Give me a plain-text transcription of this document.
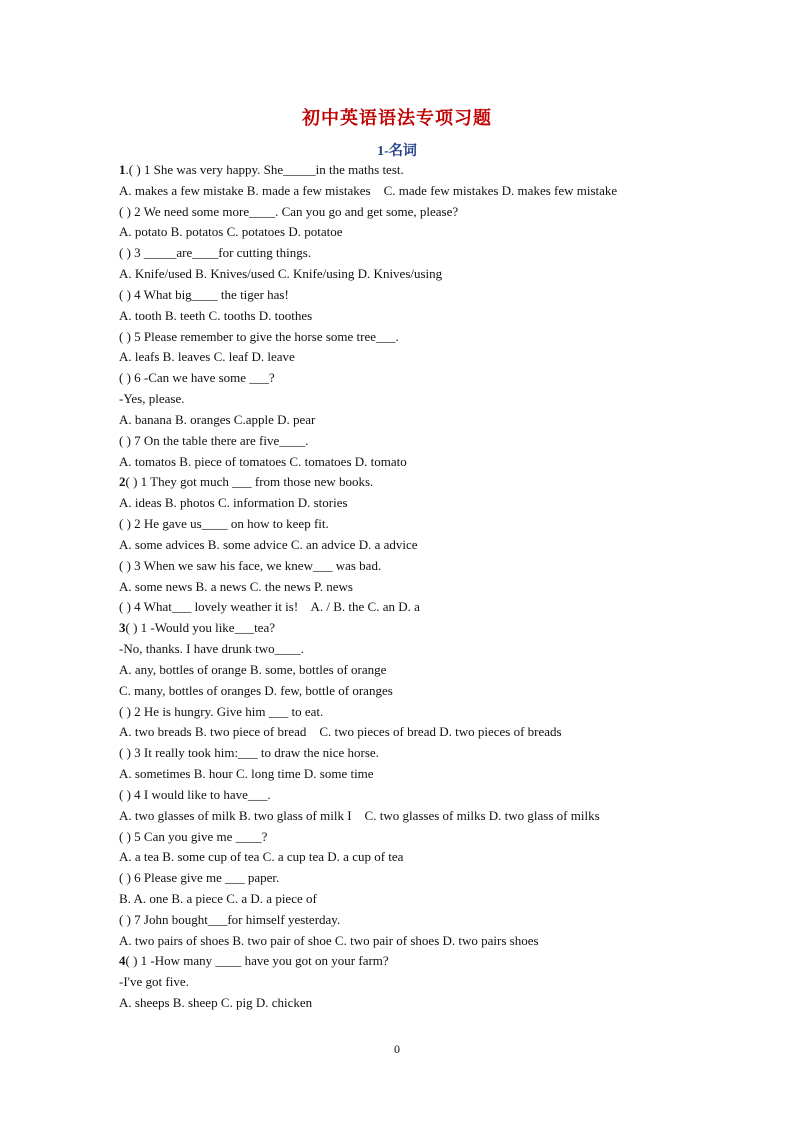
初中英语语法专项习题
1-名词
1.( ) 1 She was very happy. She_____in the maths test.
A. makes a few mistake B. made a few mistakes    C. made few mistakes D. makes few mistake
( ) 2 We need some more____. Can you go and get some, please?
A. potato B. potatos C. potatoes D. potatoe
( ) 3 _____are____for cutting things.
A. Knife/used B. Knives/used C. Knife/using D. Knives/using
( ) 4 What big____ the tiger has!
A. tooth B. teeth C. tooths D. toothes
( ) 5 Please remember to give the horse some tree___.
A. leafs B. leaves C. leaf D. leave
( ) 6 -Can we have some ___?
-Yes, please.
A. banana B. oranges C.apple D. pear
( ) 7 On the table there are five____.
A. tomatos B. piece of tomatoes C. tomatoes D. tomato
2( ) 1 They got much ___ from those new books.
A. ideas B. photos C. information D. stories
( ) 2 He gave us____ on how to keep fit.
A. some advices B. some advice C. an advice D. a advice
( ) 3 When we saw his face, we knew___ was bad.
A. some news B. a news C. the news P. news
( ) 4 What___ lovely weather it is!    A. / B. the C. an D. a
3( ) 1 -Would you like___tea?
-No, thanks. I have drunk two____.
A. any, bottles of orange B. some, bottles of orange
C. many, bottles of oranges D. few, bottle of oranges
( ) 2 He is hungry. Give him ___ to eat.
A. two breads B. two piece of bread    C. two pieces of bread D. two pieces of breads
( ) 3 It really took him:___ to draw the nice horse.
A. sometimes B. hour C. long time D. some time
( ) 4 I would like to have___.
A. two glasses of milk B. two glass of milk I    C. two glasses of milks D. two glass of milks
( ) 5 Can you give me ____?
A. a tea B. some cup of tea C. a cup tea D. a cup of tea
( ) 6 Please give me ___ paper.
B. A. one B. a piece C. a D. a piece of
( ) 7 John bought___for himself yesterday.
A. two pairs of shoes B. two pair of shoe C. two pair of shoes D. two pairs shoes
4( ) 1 -How many ____ have you got on your farm?
-I've got five.
A. sheeps B. sheep C. pig D. chicken
0
